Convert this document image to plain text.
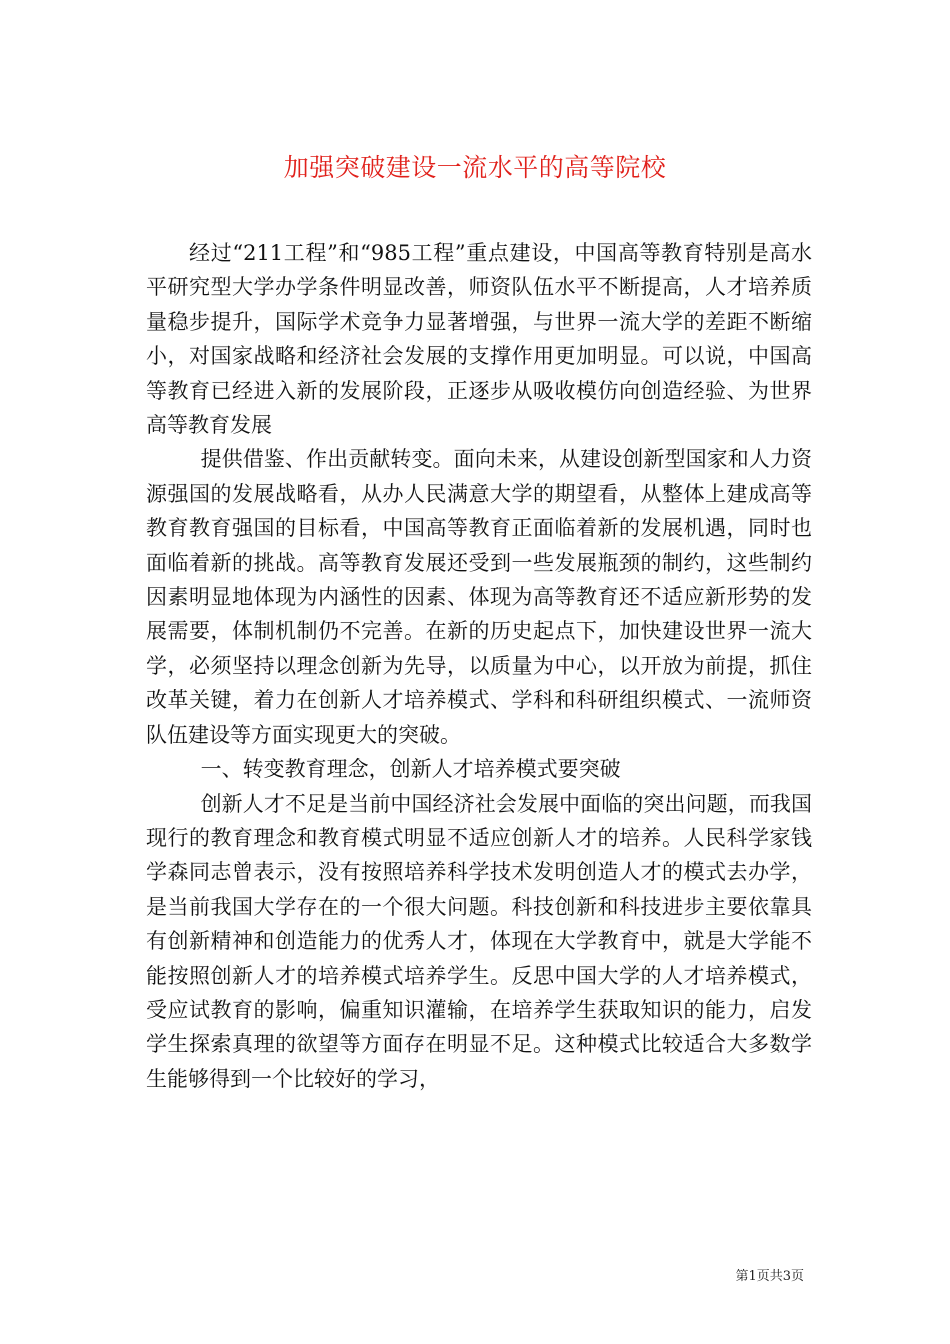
加强突破建设一流水平的高等院校

经过“211工程”和“985工程”重点建设，中国高等教育特别是高水平研究型大学办学条件明显改善，师资队伍水平不断提高，人才培养质量稳步提升，国际学术竞争力显著增强，与世界一流大学的差距不断缩小，对国家战略和经济社会发展的支撑作用更加明显。可以说，中国高等教育已经进入新的发展阶段，正逐步从吸收模仿向创造经验、为世界高等教育发展

提供借鉴、作出贡献转变。面向未来，从建设创新型国家和人力资源强国的发展战略看，从办人民满意大学的期望看，从整体上建成高等教育教育强国的目标看，中国高等教育正面临着新的发展机遇，同时也面临着新的挑战。高等教育发展还受到一些发展瓶颈的制约，这些制约因素明显地体现为内涵性的因素、体现为高等教育还不适应新形势的发展需要，体制机制仍不完善。在新的历史起点下，加快建设世界一流大学，必须坚持以理念创新为先导，以质量为中心，以开放为前提，抓住改革关键，着力在创新人才培养模式、学科和科研组织模式、一流师资队伍建设等方面实现更大的突破。

一、转变教育理念，创新人才培养模式要突破

创新人才不足是当前中国经济社会发展中面临的突出问题，而我国现行的教育理念和教育模式明显不适应创新人才的培养。人民科学家钱学森同志曾表示，没有按照培养科学技术发明创造人才的模式去办学，是当前我国大学存在的一个很大问题。科技创新和科技进步主要依靠具有创新精神和创造能力的优秀人才，体现在大学教育中，就是大学能不能按照创新人才的培养模式培养学生。反思中国大学的人才培养模式，受应试教育的影响，偏重知识灌输，在培养学生获取知识的能力，启发学生探索真理的欲望等方面存在明显不足。这种模式比较适合大多数学生能够得到一个比较好的学习，

第1页共3页
